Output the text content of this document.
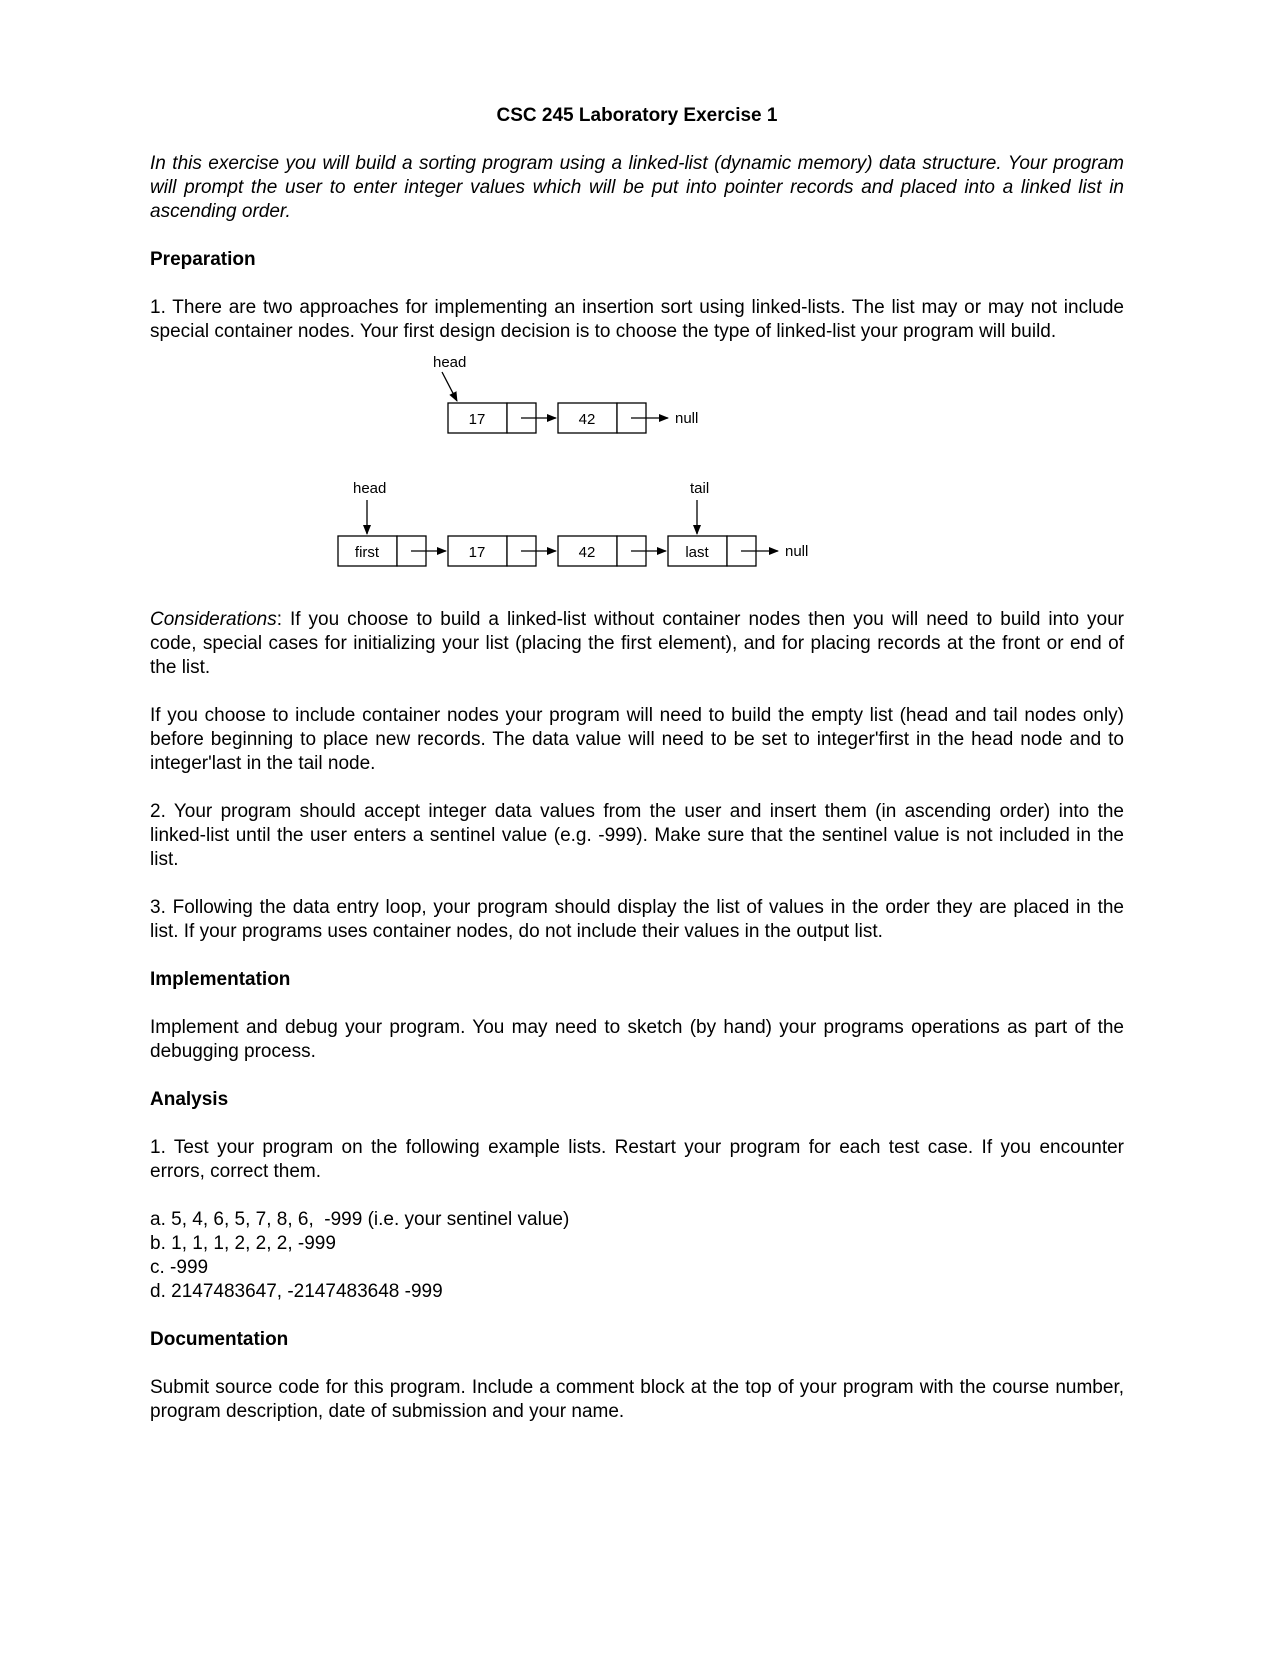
CSC 245 Laboratory Exercise 1

In this exercise you will build a sorting program using a linked-list (dynamic memory) data structure. Your program will prompt the user to enter integer values which will be put into pointer records and placed into a linked list in ascending order.

Preparation

1. There are two approaches for implementing an insertion sort using linked-lists. The list may or may not include special container nodes. Your first design decision is to choose the type of linked-list your program will build.

head
17	42	null
head	tail
first	17	42	last	null

Considerations: If you choose to build a linked-list without container nodes then you will need to build into your code, special cases for initializing your list (placing the first element), and for placing records at the front or end of the list.

If you choose to include container nodes your program will need to build the empty list (head and tail nodes only) before beginning to place new records. The data value will need to be set to integer'first in the head node and to integer'last in the tail node.

2. Your program should accept integer data values from the user and insert them (in ascending order) into the linked-list until the user enters a sentinel value (e.g. -999). Make sure that the sentinel value is not included in the list.

3. Following the data entry loop, your program should display the list of values in the order they are placed in the list. If your programs uses container nodes, do not include their values in the output list.

Implementation

Implement and debug your program. You may need to sketch (by hand) your programs operations as part of the debugging process.

Analysis

1. Test your program on the following example lists. Restart your program for each test case. If you encounter errors, correct them.

a. 5, 4, 6, 5, 7, 8, 6,  -999 (i.e. your sentinel value)
b. 1, 1, 1, 2, 2, 2, -999
c. -999
d. 2147483647, -2147483648 -999
Documentation

Submit source code for this program. Include a comment block at the top of your program with the course number, program description, date of submission and your name.
